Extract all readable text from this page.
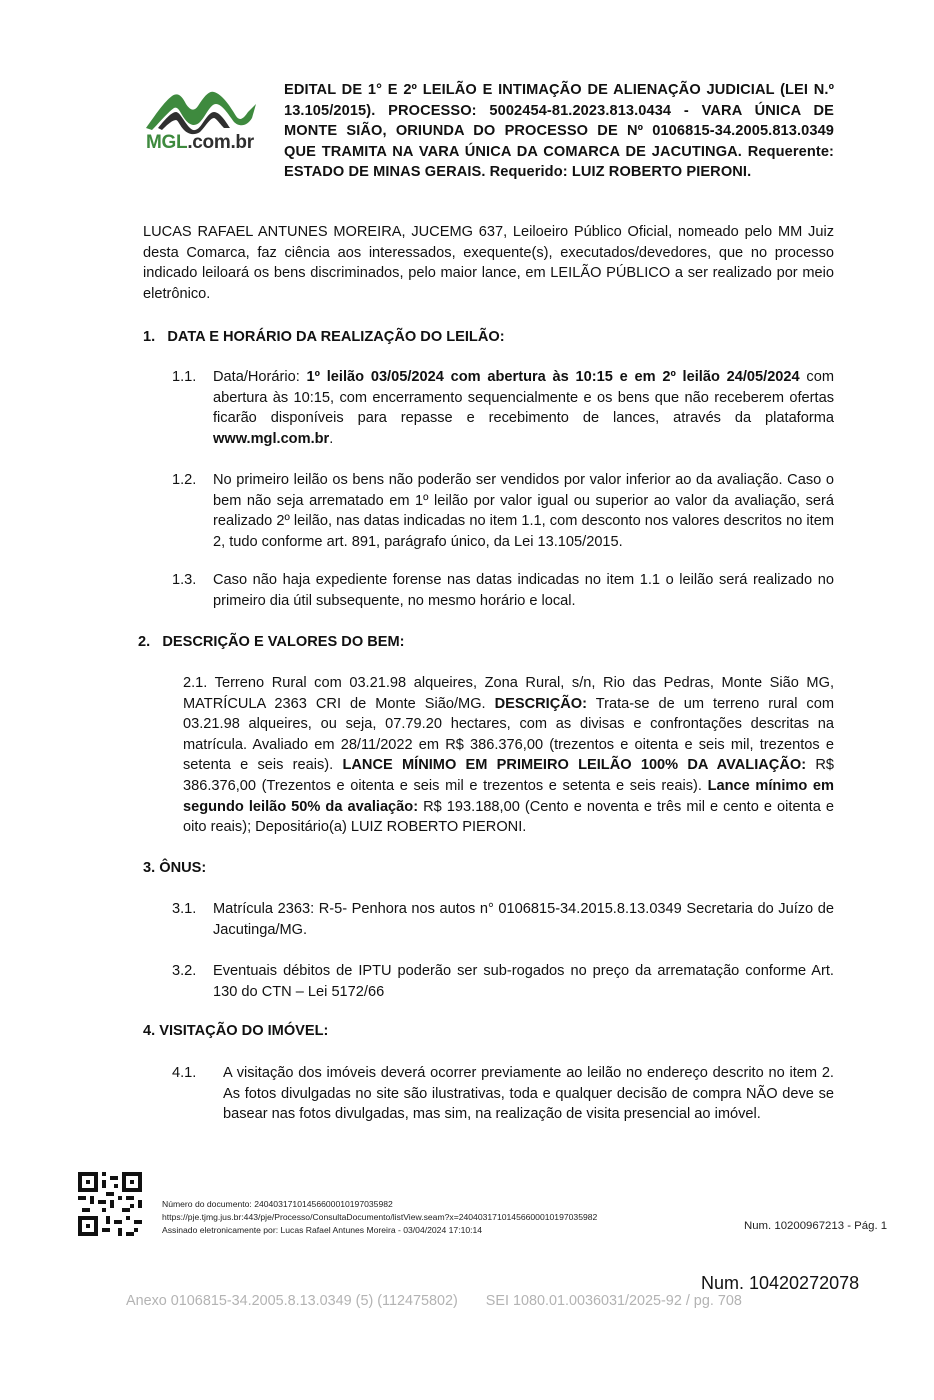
MGL.com.br
EDITAL DE 1° E 2º LEILÃO E INTIMAÇÃO DE ALIENAÇÃO JUDICIAL (LEI N.º 13.105/2015). PROCESSO: 5002454-81.2023.813.0434 - VARA ÚNICA DE MONTE SIÃO, ORIUNDA DO PROCESSO DE Nº 0106815-34.2005.813.0349 QUE TRAMITA NA VARA ÚNICA DA COMARCA DE JACUTINGA. Requerente: ESTADO DE MINAS GERAIS. Requerido: LUIZ ROBERTO PIERONI.
LUCAS RAFAEL ANTUNES MOREIRA, JUCEMG 637, Leiloeiro Público Oficial, nomeado pelo MM Juiz desta Comarca, faz ciência aos interessados, exequente(s), executados/devedores, que no processo indicado leiloará os bens discriminados, pelo maior lance, em LEILÃO PÚBLICO a ser realizado por meio eletrônico.
1. DATA E HORÁRIO DA REALIZAÇÃO DO LEILÃO:
1.1. Data/Horário: 1º leilão 03/05/2024 com abertura às 10:15 e em 2º leilão 24/05/2024 com abertura às 10:15, com encerramento sequencialmente e os bens que não receberem ofertas ficarão disponíveis para repasse e recebimento de lances, através da plataforma www.mgl.com.br.
1.2. No primeiro leilão os bens não poderão ser vendidos por valor inferior ao da avaliação. Caso o bem não seja arrematado em 1º leilão por valor igual ou superior ao valor da avaliação, será realizado 2º leilão, nas datas indicadas no item 1.1, com desconto nos valores descritos no item 2, tudo conforme art. 891, parágrafo único, da Lei 13.105/2015.
1.3. Caso não haja expediente forense nas datas indicadas no item 1.1 o leilão será realizado no primeiro dia útil subsequente, no mesmo horário e local.
2. DESCRIÇÃO E VALORES DO BEM:
2.1. Terreno Rural com 03.21.98 alqueires, Zona Rural, s/n, Rio das Pedras, Monte Sião MG, MATRÍCULA 2363 CRI de Monte Sião/MG. DESCRIÇÃO: Trata-se de um terreno rural com 03.21.98 alqueires, ou seja, 07.79.20 hectares, com as divisas e confrontações descritas na matrícula. Avaliado em 28/11/2022 em R$ 386.376,00 (trezentos e oitenta e seis mil, trezentos e setenta e seis reais). LANCE MÍNIMO EM PRIMEIRO LEILÃO 100% DA AVALIAÇÃO: R$ 386.376,00 (Trezentos e oitenta e seis mil e trezentos e setenta e seis reais). Lance mínimo em segundo leilão 50% da avaliação: R$ 193.188,00 (Cento e noventa e três mil e cento e oitenta e oito reais); Depositário(a) LUIZ ROBERTO PIERONI.
3. ÔNUS:
3.1. Matrícula 2363: R-5- Penhora nos autos n° 0106815-34.2015.8.13.0349 Secretaria do Juízo de Jacutinga/MG.
3.2. Eventuais débitos de IPTU poderão ser sub-rogados no preço da arrematação conforme Art. 130 do CTN – Lei 5172/66
4. VISITAÇÃO DO IMÓVEL:
4.1. A visitação dos imóveis deverá ocorrer previamente ao leilão no endereço descrito no item 2. As fotos divulgadas no site são ilustrativas, toda e qualquer decisão de compra NÃO deve se basear nas fotos divulgadas, mas sim, na realização de visita presencial ao imóvel.
Número do documento: 24040317101456600010197035982
https://pje.tjmg.jus.br:443/pje/Processo/ConsultaDocumento/listView.seam?x=24040317101456600010197035982
Assinado eletronicamente por: Lucas Rafael Antunes Moreira - 03/04/2024 17:10:14	Num. 10200967213 - Pág. 1
Num. 10420272078
Anexo 0106815-34.2005.8.13.0349 (5) (112475802)       SEI 1080.01.0036031/2025-92 / pg. 708
